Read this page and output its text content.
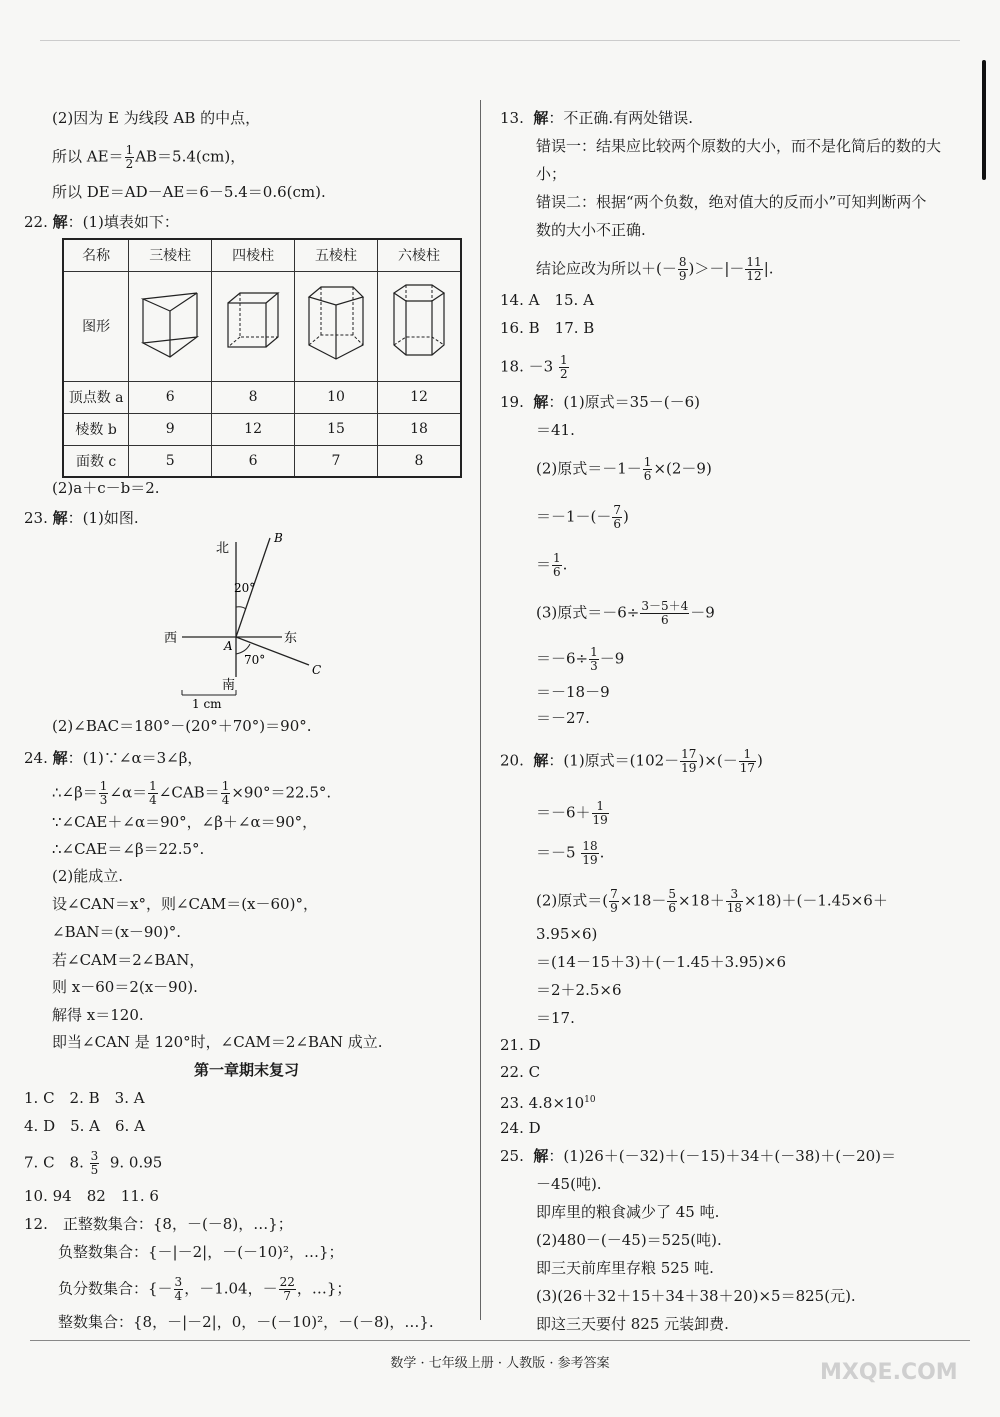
(2)因为 E 为线段 AB 的中点，
所以 $AE= \frac{1}{2} AB=5.4(cm)$，
所以 DE＝AD－AE＝6－5.4＝0.6(cm).
22. 解：(1)填表如下：
名称	三棱柱	四棱柱	五棱柱	六棱柱
图形				
顶点数 a	6	8	10	12
棱数 b	9	12	15	18
面数 c	5	6	7	8
(2)a＋c－b＝2.
23. 解：(1)如图.
北
B
20°
西	东
A
70°
C
南
1 cm
(2)∠BAC＝180°－(20°＋70°)＝90°.
24. 解：(1)∵∠α＝3∠β，
∴∠β＝ $\frac{1}{3}$ ∠α＝ $\frac{1}{4}$ ∠CAB＝ $\frac{1}{4} \times 90^\circ=22.5^\circ$.
∵∠CAE＋∠α＝90°，∠β＋∠α＝90°，
∴∠CAE＝∠β＝22.5°.
(2)能成立.
设∠CAN＝x°，则∠CAM＝(x－60)°，
∠BAN＝(x－90)°.
若∠CAM＝2∠BAN，
则 x－60＝2(x－90).
解得 x＝120.
即当∠CAN 是 120°时，∠CAM＝2∠BAN 成立.
第一章期末复习
1. C　2. B　3. A
4. D　5. A　6. A
7. C　8. $\frac{3}{5} 9$. 0.95
10. 94　82　11. 6
12.　正整数集合：{8，－(－8)，…}；
负整数集合：{－|－2|，－(－10)²，…}；
负分数集合：{－ $\frac{3}{4}$ ，－1.04，－ $\frac{22}{7}$ ，…}；
整数集合：{8，－|－2|，0，－(－10)²，－(－8)，…}.
13. 解：不正确.有两处错误.
错误一：结果应比较两个原数的大小，而不是化简后的数的大
小；
错误二：根据“两个负数，绝对值大的反而小”可知判断两个
数的大小不正确.
结论应改为所以＋(－ $\frac{8}{9}$ )＞－|－ $\frac{11}{12}$ |.
14. A　15. A
16. B　17. B
18. $-3 \frac{1}{2}$
19. 解：(1)原式＝35－(－6)
＝41.
(2)原式$=-1- \frac{1}{6} \times(2-9)$
$=-1-(- \frac{7}{6}$ )
＝ $\frac{1}{6}$ .
(3)原式$=-6\div \frac{3-5+4}{6} -9$
$=-6\div \frac{1}{3} -9$
＝－18－9
＝－27.
20. 解：(1)原式$=(102- \frac{17}{19}$ )×(－ $\frac{1}{17}$ )
$=-6+ \frac{1}{19}$
$=-5 \frac{18}{19}$ .
(2)原式＝( $\frac{7}{9} \times 18- \frac{5}{6} \times 18+ \frac{3}{18} \times 18)+(-1.45\times 6+$
3.95×6)
＝(14－15＋3)＋(－1.45＋3.95)×6
＝2＋2.5×6
＝17.
21. D
22. C
23. $4.8\times 10^{10}$
24. D
25. 解：(1)26＋(－32)＋(－15)＋34＋(－38)＋(－20)＝
－45(吨).
即库里的粮食减少了 45 吨.
(2)480－(－45)＝525(吨).
即三天前库里存粮 525 吨.
(3)(26＋32＋15＋34＋38＋20)×5＝825(元).
即这三天要付 825 元装卸费.
数学 · 七年级上册 · 人教版 · 参考答案	MXQE.COM
